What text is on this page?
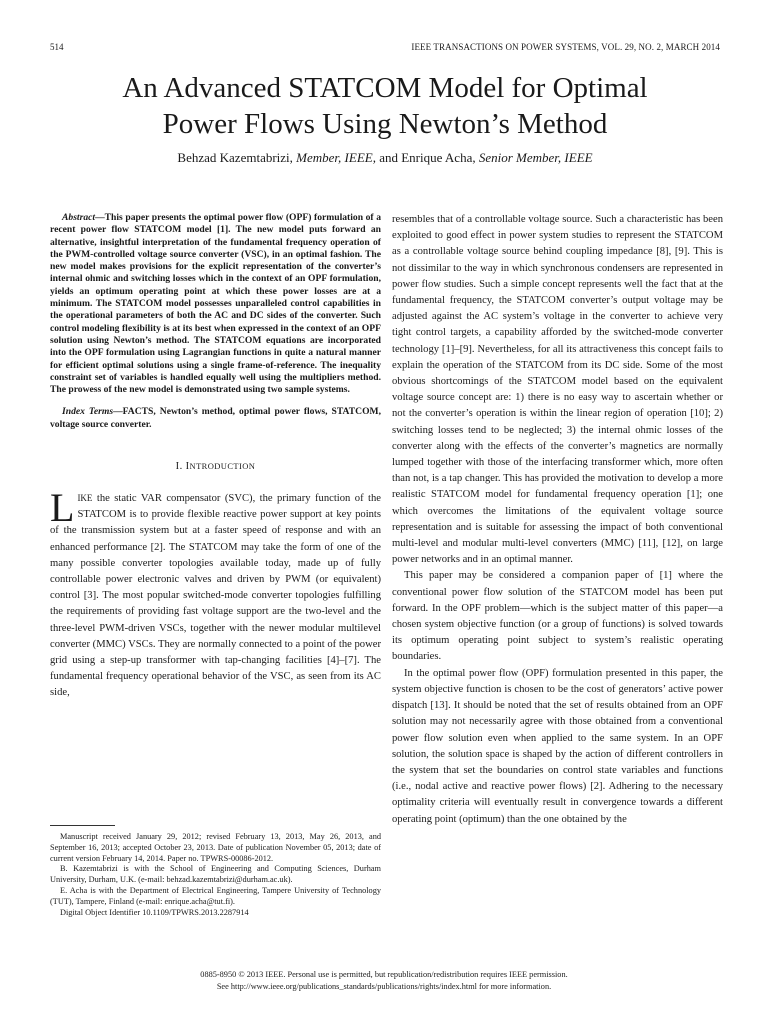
514	IEEE TRANSACTIONS ON POWER SYSTEMS, VOL. 29, NO. 2, MARCH 2014
An Advanced STATCOM Model for Optimal
Power Flows Using Newton’s Method
Behzad Kazemtabrizi, Member, IEEE, and Enrique Acha, Senior Member, IEEE

Abstract—This paper presents the optimal power flow (OPF) formulation of a recent power flow STATCOM model [1]. The new model puts forward an alternative, insightful interpretation of the fundamental frequency operation of the PWM-controlled voltage source converter (VSC), in an optimal fashion. The new model makes provisions for the explicit representation of the converter’s internal ohmic and switching losses which in the context of an OPF formulation, yields an optimum operating point at which these power losses are at a minimum. The STATCOM model possesses unparalleled control capabilities in the operational parameters of both the AC and DC sides of the converter. Such control modeling flexibility is at its best when expressed in the context of an OPF solution using Newton’s method. The STATCOM equations are incorporated into the OPF formulation using Lagrangian functions in quite a natural manner for efficient optimal solutions using a single frame-of-reference. The inequality constraint set of variables is handled equally well using the multipliers method. The prowess of the new model is demonstrated using two sample systems.

Index Terms—FACTS, Newton’s method, optimal power flows, STATCOM, voltage source converter.

I. INTRODUCTION

LIKE the static VAR compensator (SVC), the primary function of the STATCOM is to provide flexible reactive power support at key points of the transmission system but at a faster speed of response and with an enhanced performance [2]. The STATCOM may take the form of one of the many possible converter topologies available today, made up of fully controllable power electronic valves and driven by PWM (or equivalent) control [3]. The most popular switched-mode converter topologies fulfilling the requirements of providing fast voltage support are the two-level and the three-level PWM-driven VSCs, together with the newer modular multilevel converter (MMC) VSCs. They are normally connected to a point of the power grid using a step-up transformer with tap-changing facilities [4]–[7]. The fundamental frequency operational behavior of the VSC, as seen from its AC side,

resembles that of a controllable voltage source. Such a characteristic has been exploited to good effect in power system studies to represent the STATCOM as a controllable voltage source behind coupling impedance [8], [9]. This is not dissimilar to the way in which synchronous condensers are represented in power flow studies. Such a simple concept represents well the fact that at the fundamental frequency, the STATCOM converter’s output voltage may be adjusted against the AC system’s voltage in the converter to achieve very tight control targets, a capability afforded by the switched-mode converter technology [1]–[9]. Nevertheless, for all its attractiveness this concept fails to explain the operation of the STATCOM from its DC side. Some of the most obvious shortcomings of the STATCOM model based on the equivalent voltage source concept are: 1) there is no easy way to ascertain whether or not the converter’s operation is within the linear region of operation [10]; 2) switching losses tend to be neglected; 3) the internal ohmic losses of the converter along with the effects of the converter’s magnetics are normally lumped together with those of the interfacing transformer which, more often than not, is a tap changer. This has provided the motivation to develop a more realistic STATCOM model for fundamental frequency operation [1]; one which overcomes the limitations of the equivalent voltage source representation and is suitable for assessing the impact of both conventional multi-level and modular multi-level converters (MMC) [11], [12], on large power networks and in an optimal manner.

This paper may be considered a companion paper of [1] where the conventional power flow solution of the STATCOM model has been put forward. In the OPF problem—which is the subject matter of this paper—a chosen system objective function (or a group of functions) is solved towards its optimum operating point subject to system’s realistic operating boundaries.

In the optimal power flow (OPF) formulation presented in this paper, the system objective function is chosen to be the cost of generators’ active power dispatch [13]. It should be noted that the set of results obtained from an OPF solution may not necessarily agree with those obtained from a conventional power flow solution even when applied to the same system. In an OPF solution, the solution space is shaped by the action of different controllers in the system that set the boundaries on control state variables and functions (i.e., nodal active and reactive power flows) [2]. Adhering to the necessary optimality criteria will eventually result in convergence towards a different operating point (optimum) than the one obtained by the

Manuscript received January 29, 2012; revised February 13, 2013, May 26, 2013, and September 16, 2013; accepted October 23, 2013. Date of publication November 05, 2013; date of current version February 14, 2014. Paper no. TPWRS-00086-2012.

B. Kazemtabrizi is with the School of Engineering and Computing Sciences, Durham University, Durham, U.K. (e-mail: behzad.kazemtabrizi@durham.ac.uk).

E. Acha is with the Department of Electrical Engineering, Tampere University of Technology (TUT), Tampere, Finland (e-mail: enrique.acha@tut.fi).

Digital Object Identifier 10.1109/TPWRS.2013.2287914

0885-8950 © 2013 IEEE. Personal use is permitted, but republication/redistribution requires IEEE permission.
See http://www.ieee.org/publications_standards/publications/rights/index.html for more information.
